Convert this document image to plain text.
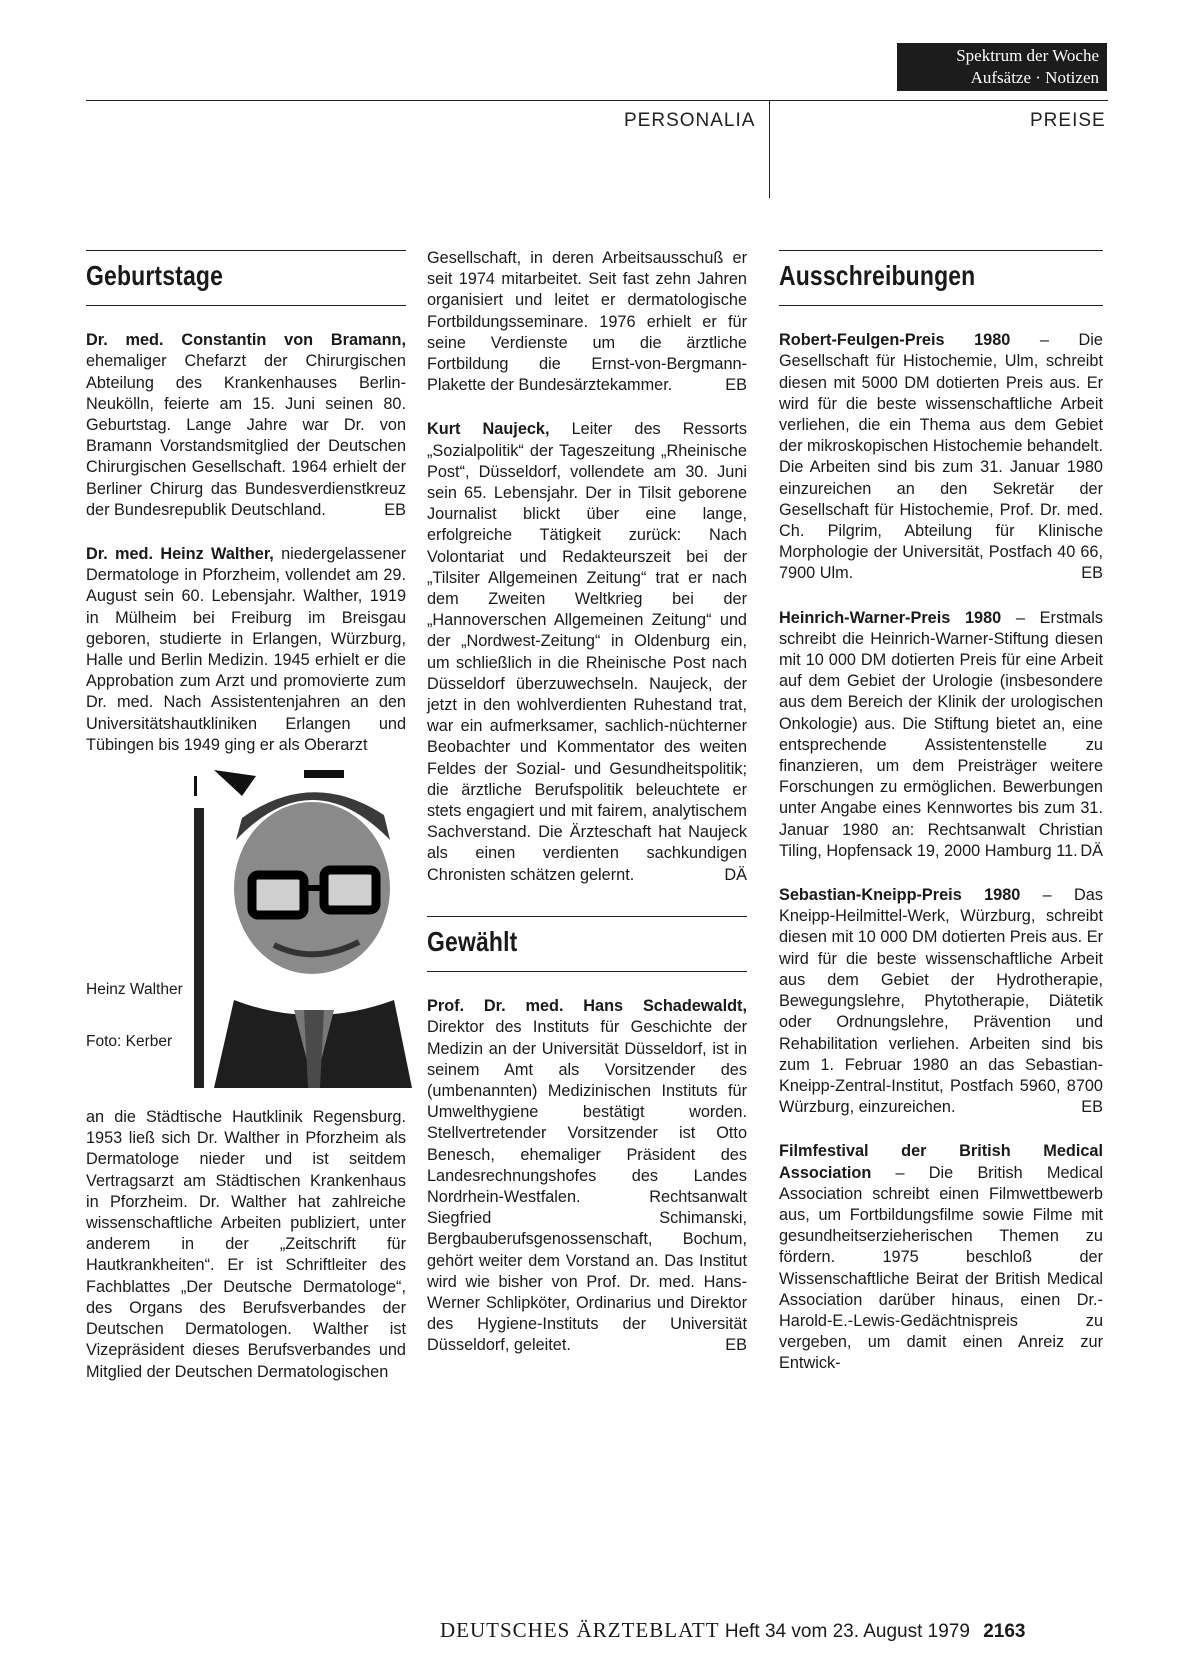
Spektrum der Woche
Aufsätze · Notizen
PERSONALIA	PREISE
Geburtstage

Dr. med. Constantin von Bramann, ehemaliger Chefarzt der Chirurgischen Abteilung des Krankenhauses Berlin-Neukölln, feierte am 15. Juni seinen 80. Geburtstag. Lange Jahre war Dr. von Bramann Vorstandsmitglied der Deutschen Chirurgischen Gesellschaft. 1964 erhielt der Berliner Chirurg das Bundesverdienstkreuz der Bundesrepublik Deutschland.	EB

Dr. med. Heinz Walther, niedergelassener Dermatologe in Pforzheim, vollendet am 29. August sein 60. Lebensjahr. Walther, 1919 in Mülheim bei Freiburg im Breisgau geboren, studierte in Erlangen, Würzburg, Halle und Berlin Medizin. 1945 erhielt er die Approbation zum Arzt und promovierte zum Dr. med. Nach Assistentenjahren an den Universitätshautkliniken Erlangen und Tübingen bis 1949 ging er als Oberarzt

Heinz Walther
Foto: Kerber

an die Städtische Hautklinik Regensburg. 1953 ließ sich Dr. Walther in Pforzheim als Dermatologe nieder und ist seitdem Vertragsarzt am Städtischen Krankenhaus in Pforzheim. Dr. Walther hat zahlreiche wissenschaftliche Arbeiten publiziert, unter anderem in der „Zeitschrift für Hautkrankheiten“. Er ist Schriftleiter des Fachblattes „Der Deutsche Dermatologe“, des Organs des Berufsverbandes der Deutschen Dermatologen. Walther ist Vizepräsident dieses Berufsverbandes und Mitglied der Deutschen Dermatologischen

Gesellschaft, in deren Arbeitsausschuß er seit 1974 mitarbeitet. Seit fast zehn Jahren organisiert und leitet er dermatologische Fortbildungsseminare. 1976 erhielt er für seine Verdienste um die ärztliche Fortbildung die Ernst-von-Bergmann-Plakette der Bundesärztekammer.	EB

Kurt Naujeck, Leiter des Ressorts „Sozialpolitik“ der Tageszeitung „Rheinische Post“, Düsseldorf, vollendete am 30. Juni sein 65. Lebensjahr. Der in Tilsit geborene Journalist blickt über eine lange, erfolgreiche Tätigkeit zurück: Nach Volontariat und Redakteurszeit bei der „Tilsiter Allgemeinen Zeitung“ trat er nach dem Zweiten Weltkrieg bei der „Hannoverschen Allgemeinen Zeitung“ und der „Nordwest-Zeitung“ in Oldenburg ein, um schließlich in die Rheinische Post nach Düsseldorf überzuwechseln. Naujeck, der jetzt in den wohlverdienten Ruhestand trat, war ein aufmerksamer, sachlich-nüchterner Beobachter und Kommentator des weiten Feldes der Sozial- und Gesundheitspolitik; die ärztliche Berufspolitik beleuchtete er stets engagiert und mit fairem, analytischem Sachverstand. Die Ärzteschaft hat Naujeck als einen verdienten sachkundigen Chronisten schätzen gelernt.	DÄ

Gewählt

Prof. Dr. med. Hans Schadewaldt, Direktor des Instituts für Geschichte der Medizin an der Universität Düsseldorf, ist in seinem Amt als Vorsitzender des (umbenannten) Medizinischen Instituts für Umwelthygiene bestätigt worden. Stellvertretender Vorsitzender ist Otto Benesch, ehemaliger Präsident des Landesrechnungshofes des Landes Nordrhein-Westfalen. Rechtsanwalt Siegfried Schimanski, Bergbauberufsgenossenschaft, Bochum, gehört weiter dem Vorstand an. Das Institut wird wie bisher von Prof. Dr. med. Hans-Werner Schlipköter, Ordinarius und Direktor des Hygiene-Instituts der Universität Düsseldorf, geleitet.	EB

Ausschreibungen

Robert-Feulgen-Preis 1980 – Die Gesellschaft für Histochemie, Ulm, schreibt diesen mit 5000 DM dotierten Preis aus. Er wird für die beste wissenschaftliche Arbeit verliehen, die ein Thema aus dem Gebiet der mikroskopischen Histochemie behandelt. Die Arbeiten sind bis zum 31. Januar 1980 einzureichen an den Sekretär der Gesellschaft für Histochemie, Prof. Dr. med. Ch. Pilgrim, Abteilung für Klinische Morphologie der Universität, Postfach 40 66, 7900 Ulm.	EB

Heinrich-Warner-Preis 1980 – Erstmals schreibt die Heinrich-Warner-Stiftung diesen mit 10 000 DM dotierten Preis für eine Arbeit auf dem Gebiet der Urologie (insbesondere aus dem Bereich der Klinik der urologischen Onkologie) aus. Die Stiftung bietet an, eine entsprechende Assistentenstelle zu finanzieren, um dem Preisträger weitere Forschungen zu ermöglichen. Bewerbungen unter Angabe eines Kennwortes bis zum 31. Januar 1980 an: Rechtsanwalt Christian Tiling, Hopfensack 19, 2000 Hamburg 11. DÄ

Sebastian-Kneipp-Preis 1980 – Das Kneipp-Heilmittel-Werk, Würzburg, schreibt diesen mit 10 000 DM dotierten Preis aus. Er wird für die beste wissenschaftliche Arbeit aus dem Gebiet der Hydrotherapie, Bewegungslehre, Phytotherapie, Diätetik oder Ordnungslehre, Prävention und Rehabilitation verliehen. Arbeiten sind bis zum 1. Februar 1980 an das Sebastian-Kneipp-Zentral-Institut, Postfach 5960, 8700 Würzburg, einzureichen.	EB

Filmfestival der British Medical Association – Die British Medical Association schreibt einen Filmwettbewerb aus, um Fortbildungsfilme sowie Filme mit gesundheitserzieherischen Themen zu fördern. 1975 beschloß der Wissenschaftliche Beirat der British Medical Association darüber hinaus, einen Dr.-Harold-E.-Lewis-Gedächtnispreis zu vergeben, um damit einen Anreiz zur Entwick-

DEUTSCHES ÄRZTEBLATT Heft 34 vom 23. August 1979 2163
